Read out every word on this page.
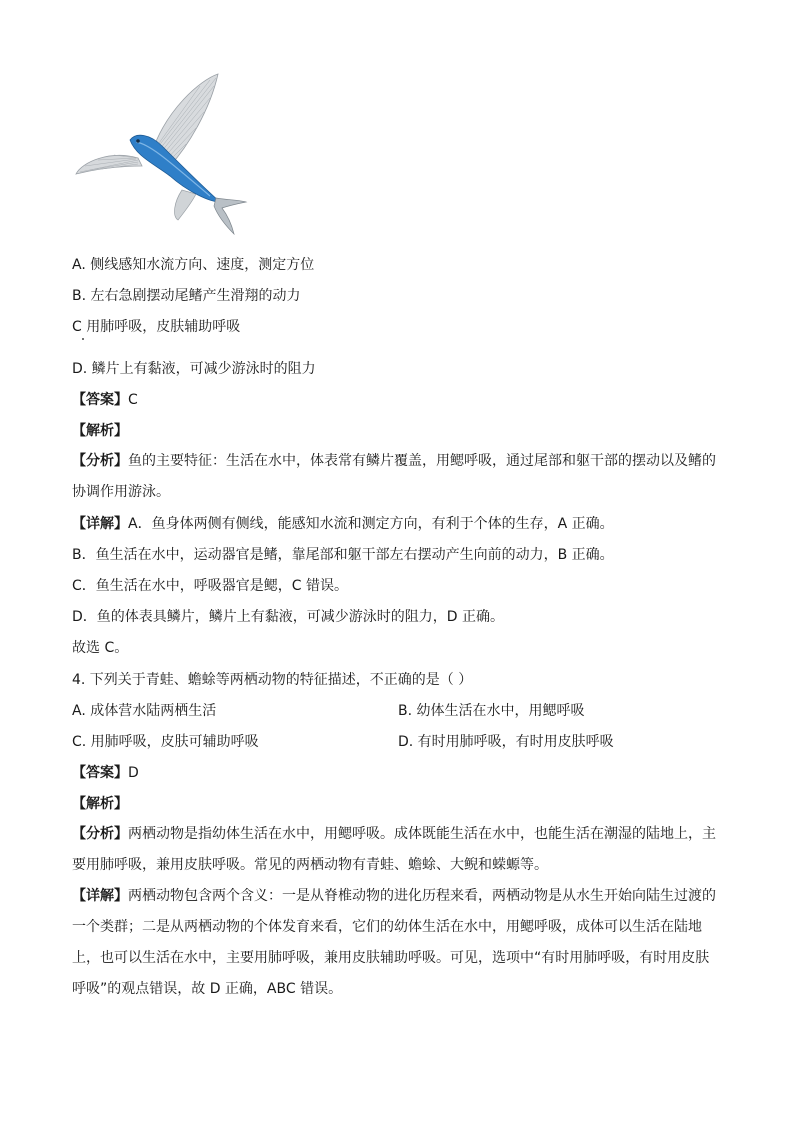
A. 侧线感知水流方向、速度，测定方位
B. 左右急剧摆动尾鳍产生滑翔的动力
C 用肺呼吸，皮肤辅助呼吸
D. 鳞片上有黏液，可减少游泳时的阻力
【答案】C
【解析】
【分析】鱼的主要特征：生活在水中，体表常有鳞片覆盖，用鳃呼吸，通过尾部和躯干部的摆动以及鳍的协调作用游泳。
【详解】A．鱼身体两侧有侧线，能感知水流和测定方向，有利于个体的生存，A 正确。
B．鱼生活在水中，运动器官是鳍，靠尾部和躯干部左右摆动产生向前的动力，B 正确。
C．鱼生活在水中，呼吸器官是鳃，C 错误。
D．鱼的体表具鳞片，鳞片上有黏液，可减少游泳时的阻力，D 正确。
故选 C。
4. 下列关于青蛙、蟾蜍等两栖动物的特征描述，不正确的是（ ）
A. 成体营水陆两栖生活	B. 幼体生活在水中，用鳃呼吸
C. 用肺呼吸，皮肤可辅助呼吸	D. 有时用肺呼吸，有时用皮肤呼吸
【答案】D
【解析】
【分析】两栖动物是指幼体生活在水中，用鳃呼吸。成体既能生活在水中，也能生活在潮湿的陆地上，主要用肺呼吸，兼用皮肤呼吸。常见的两栖动物有青蛙、蟾蜍、大鲵和蝾螈等。
【详解】两栖动物包含两个含义：一是从脊椎动物的进化历程来看，两栖动物是从水生开始向陆生过渡的一个类群；二是从两栖动物的个体发育来看，它们的幼体生活在水中，用鳃呼吸，成体可以生活在陆地上，也可以生活在水中，主要用肺呼吸，兼用皮肤辅助呼吸。可见，选项中“有时用肺呼吸，有时用皮肤呼吸”的观点错误，故 D 正确，ABC 错误。
